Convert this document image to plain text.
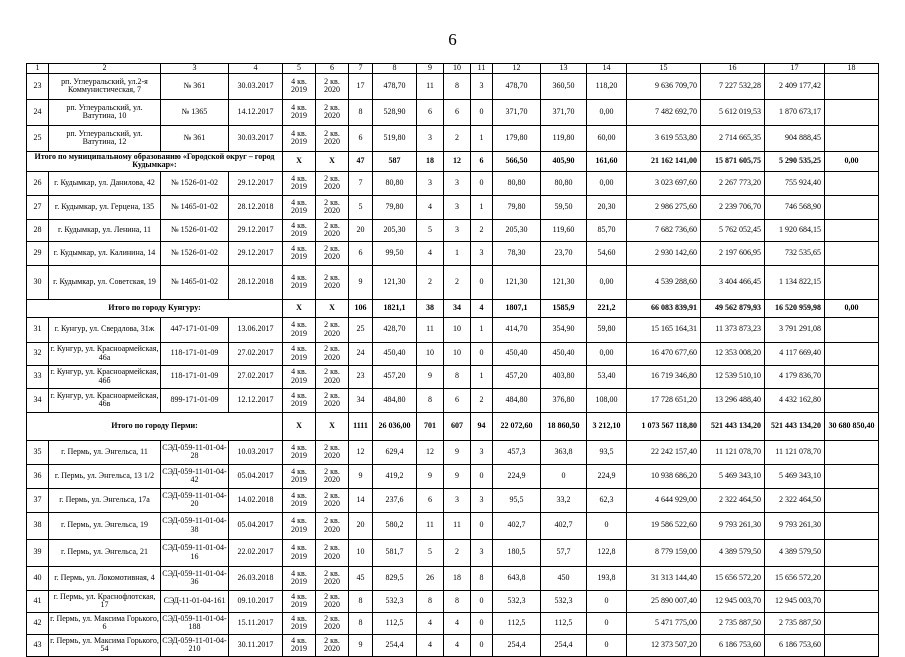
6
1	2	3	4	5	6	7	8	9	10	11	12	13	14	15	16	17	18
23	рп. Углеуральский, ул.2-я Коммунистическая, 7	№ 361	30.03.2017	4 кв. 2019	2 кв. 2020	17	478,70	11	8	3	478,70	360,50	118,20	9 636 709,70	7 227 532,28	2 409 177,42	
24	рп. Углеуральский, ул. Ватутина, 10	№ 1365	14.12.2017	4 кв. 2019	2 кв. 2020	8	528,90	6	6	0	371,70	371,70	0,00	7 482 692,70	5 612 019,53	1 870 673,17	
25	рп. Углеуральский, ул. Ватутина, 12	№ 361	30.03.2017	4 кв. 2019	2 кв. 2020	6	519,80	3	2	1	179,80	119,80	60,00	3 619 553,80	2 714 665,35	904 888,45	
Итого по муниципальному образованию «Городской округ – город Кудымкар»:				X	X	47	587	18	12	6	566,50	405,90	161,60	21 162 141,00	15 871 605,75	5 290 535,25	0,00
26	г. Кудымкар, ул. Данилова, 42	№ 1526-01-02	29.12.2017	4 кв. 2019	2 кв. 2020	7	80,80	3	3	0	80,80	80,80	0,00	3 023 697,60	2 267 773,20	755 924,40	
27	г. Кудымкар, ул. Герцена, 135	№ 1465-01-02	28.12.2018	4 кв. 2019	2 кв. 2020	5	79,80	4	3	1	79,80	59,50	20,30	2 986 275,60	2 239 706,70	746 568,90	
28	г. Кудымкар, ул. Ленина, 11	№ 1526-01-02	29.12.2017	4 кв. 2019	2 кв. 2020	20	205,30	5	3	2	205,30	119,60	85,70	7 682 736,60	5 762 052,45	1 920 684,15	
29	г. Кудымкар, ул. Калинина, 14	№ 1526-01-02	29.12.2017	4 кв. 2019	2 кв. 2020	6	99,50	4	1	3	78,30	23,70	54,60	2 930 142,60	2 197 606,95	732 535,65	
30	г. Кудымкар, ул. Советская, 19	№ 1465-01-02	28.12.2018	4 кв. 2019	2 кв. 2020	9	121,30	2	2	0	121,30	121,30	0,00	4 539 288,60	3 404 466,45	1 134 822,15	
Итого по городу Кунгуру:				X	X	106	1821,1	38	34	4	1807,1	1585,9	221,2	66 083 839,91	49 562 879,93	16 520 959,98	0,00
31	г. Кунгур, ул. Свердлова, 31ж	447-171-01-09	13.06.2017	4 кв. 2019	2 кв. 2020	25	428,70	11	10	1	414,70	354,90	59,80	15 165 164,31	11 373 873,23	3 791 291,08	
32	г. Кунгур, ул. Красноармейская, 46а	118-171-01-09	27.02.2017	4 кв. 2019	2 кв. 2020	24	450,40	10	10	0	450,40	450,40	0,00	16 470 677,60	12 353 008,20	4 117 669,40	
33	г. Кунгур, ул. Красноармейская, 46б	118-171-01-09	27.02.2017	4 кв. 2019	2 кв. 2020	23	457,20	9	8	1	457,20	403,80	53,40	16 719 346,80	12 539 510,10	4 179 836,70	
34	г. Кунгур, ул. Красноармейская, 46в	899-171-01-09	12.12.2017	4 кв. 2019	2 кв. 2020	34	484,80	8	6	2	484,80	376,80	108,00	17 728 651,20	13 296 488,40	4 432 162,80	
Итого по городу Перми:				X	X	1111	26 036,00	701	607	94	22 072,60	18 860,50	3 212,10	1 073 567 118,80	521 443 134,20	521 443 134,20	30 680 850,40
35	г. Пермь, ул. Энгельса, 11	СЭД-059-11-01-04-28	10.03.2017	4 кв. 2019	2 кв. 2020	12	629,4	12	9	3	457,3	363,8	93,5	22 242 157,40	11 121 078,70	11 121 078,70	
36	г. Пермь, ул. Энгельса, 13 1/2	СЭД-059-11-01-04-42	05.04.2017	4 кв. 2019	2 кв. 2020	9	419,2	9	9	0	224,9	0	224,9	10 938 686,20	5 469 343,10	5 469 343,10	
37	г. Пермь, ул. Энгельса, 17а	СЭД-059-11-01-04-20	14.02.2018	4 кв. 2019	2 кв. 2020	14	237,6	6	3	3	95,5	33,2	62,3	4 644 929,00	2 322 464,50	2 322 464,50	
38	г. Пермь, ул. Энгельса, 19	СЭД-059-11-01-04-38	05.04.2017	4 кв. 2019	2 кв. 2020	20	580,2	11	11	0	402,7	402,7	0	19 586 522,60	9 793 261,30	9 793 261,30	
39	г. Пермь, ул. Энгельса, 21	СЭД-059-11-01-04-16	22.02.2017	4 кв. 2019	2 кв. 2020	10	581,7	5	2	3	180,5	57,7	122,8	8 779 159,00	4 389 579,50	4 389 579,50	
40	г. Пермь, ул. Локомотивная, 4	СЭД-059-11-01-04-36	26.03.2018	4 кв. 2019	2 кв. 2020	45	829,5	26	18	8	643,8	450	193,8	31 313 144,40	15 656 572,20	15 656 572,20	
41	г. Пермь, ул. Краснофлотская, 17	СЭД-11-01-04-161	09.10.2017	4 кв. 2019	2 кв. 2020	8	532,3	8	8	0	532,3	532,3	0	25 890 007,40	12 945 003,70	12 945 003,70	
42	г. Пермь, ул. Максима Горького, 6	СЭД-059-11-01-04-188	15.11.2017	4 кв. 2019	2 кв. 2020	8	112,5	4	4	0	112,5	112,5	0	5 471 775,00	2 735 887,50	2 735 887,50	
43	г. Пермь, ул. Максима Горького, 54	СЭД-059-11-01-04-210	30.11.2017	4 кв. 2019	2 кв. 2020	9	254,4	4	4	0	254,4	254,4	0	12 373 507,20	6 186 753,60	6 186 753,60	
